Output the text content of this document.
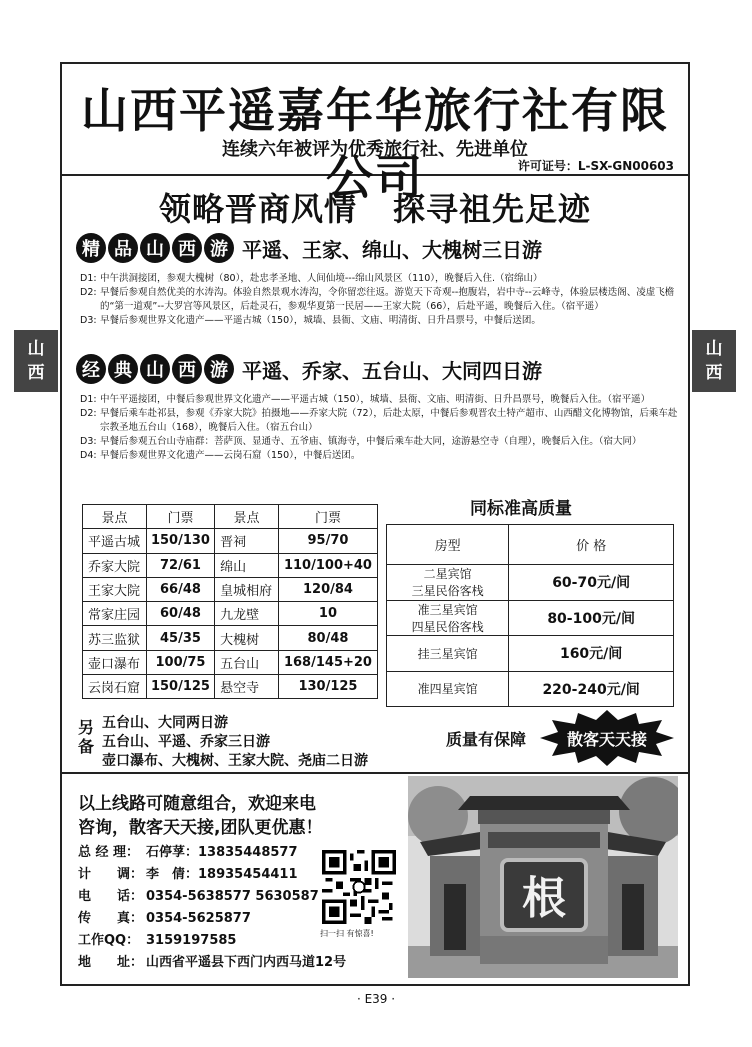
山西
山西
山西平遥嘉年华旅行社有限公司
连续六年被评为优秀旅行社、先进单位
许可证号：L-SX-GN00603
领略晋商风情 探寻祖先足迹
精 品 山 西 游 平遥、王家、绵山、大槐树三日游
D1: 中午洪洞接团，参观大槐树（80），赴忠孝圣地、人间仙境---绵山风景区（110），晚餐后入住.（宿绵山）
D2: 早餐后参观自然优美的水涛沟。体验自然景观水涛沟，令你留恋往返。游览天下奇观--抱腹岩，岩中寺--云峰寺，体验层楼迭阁、凌虚飞檐的“第一道观”--大罗宫等风景区，后赴灵石，参观华夏第一民居——王家大院（66），后赴平遥，晚餐后入住。（宿平遥）
D3: 早餐后参观世界文化遗产——平遥古城（150），城墙、县衙、文庙、明清街、日升昌票号，中餐后送团。
经 典 山 西 游 平遥、乔家、五台山、大同四日游
D1: 中午平遥接团，中餐后参观世界文化遗产——平遥古城（150），城墙、县衙、文庙、明清街、日升昌票号，晚餐后入住。（宿平遥）
D2: 早餐后乘车赴祁县，参观《乔家大院》拍摄地——乔家大院（72），后赴太原，中餐后参观晋农土特产超市、山西醋文化博物馆，后乘车赴宗教圣地五台山（168），晚餐后入住。（宿五台山）
D3: 早餐后参观五台山寺庙群：菩萨顶、显通寺、五爷庙、镇海寺，中餐后乘车赴大同，途游悬空寺（自理），晚餐后入住。（宿大同）
D4: 早餐后参观世界文化遗产——云岗石窟（150），中餐后送团。
景点	门票	景点	门票
平遥古城	150/130	晋祠	95/70
乔家大院	72/61	绵山	110/100+40
王家大院	66/48	皇城相府	120/84
常家庄园	60/48	九龙壁	10
苏三监狱	45/35	大槐树	80/48
壶口瀑布	100/75	五台山	168/145+20
云岗石窟	150/125	悬空寺	130/125
同标准高质量
房型	价 格

二星宾馆
三星民俗客栈	60-70元/间

准三星宾馆
四星民俗客栈	80-100元/间

挂三星宾馆	160元/间

准四星宾馆	220-240元/间
另
备
五台山、大同两日游
五台山、平遥、乔家三日游
壶口瀑布、大槐树、王家大院、尧庙二日游
质量有保障	散客天天接
以上线路可随意组合，欢迎来电
咨询，散客天天接,团队更优惠！
总 经 理： 石停莩：13835448577
计　　调： 李　倩：18935454411
电　　话： 0354-5638577 5630587
传　　真： 0354-5625877
工作QQ： 3159197585
地　　址： 山西省平遥县下西门内西马道12号
扫一扫 有惊喜!
根
· E39 ·
